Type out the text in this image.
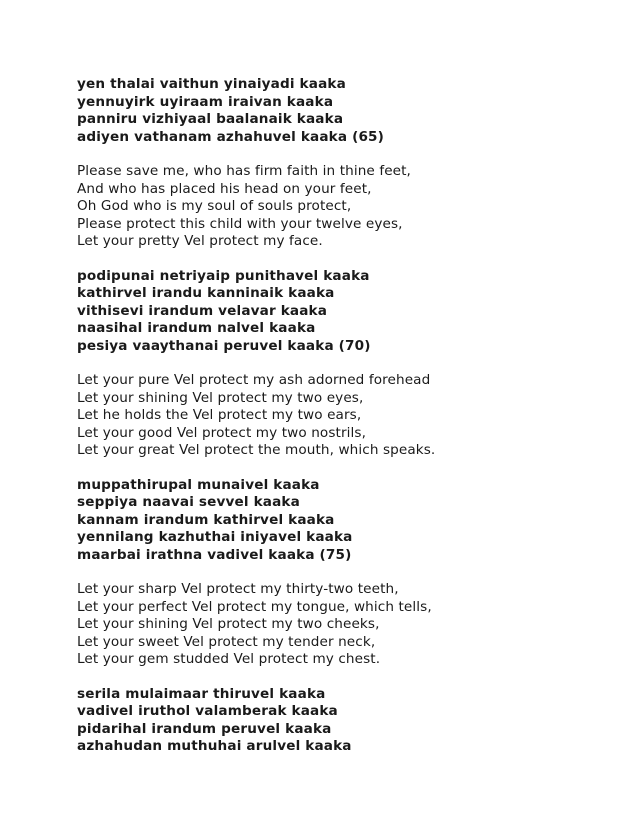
yen thalai vaithun yinaiyadi kaaka
yennuyirk uyiraam iraivan kaaka
panniru vizhiyaal baalanaik kaaka
adiyen vathanam azhahuvel kaaka (65)
Please save me, who has firm faith in thine feet,
And who has placed his head on your feet,
Oh God who is my soul of souls protect,
Please protect this child with your twelve eyes,
Let your pretty Vel protect my face.
podipunai netriyaip punithavel kaaka
kathirvel irandu kanninaik kaaka
vithisevi irandum velavar kaaka
naasihal irandum nalvel kaaka
pesiya vaaythanai peruvel kaaka (70)
Let your pure Vel protect my ash adorned forehead
Let your shining Vel protect my two eyes,
Let he holds the Vel protect my two ears,
Let your good Vel protect my two nostrils,
Let your great Vel protect the mouth, which speaks.
muppathirupal munaivel kaaka
seppiya naavai sevvel kaaka
kannam irandum kathirvel kaaka
yennilang kazhuthai iniyavel kaaka
maarbai irathna vadivel kaaka (75)
Let your sharp Vel protect my thirty-two teeth,
Let your perfect Vel protect my tongue, which tells,
Let your shining Vel protect my two cheeks,
Let your sweet Vel protect my tender neck,
Let your gem studded Vel protect my chest.
serila mulaimaar thiruvel kaaka
vadivel iruthol valamberak kaaka
pidarihal irandum peruvel kaaka
azhahudan muthuhai arulvel kaaka
